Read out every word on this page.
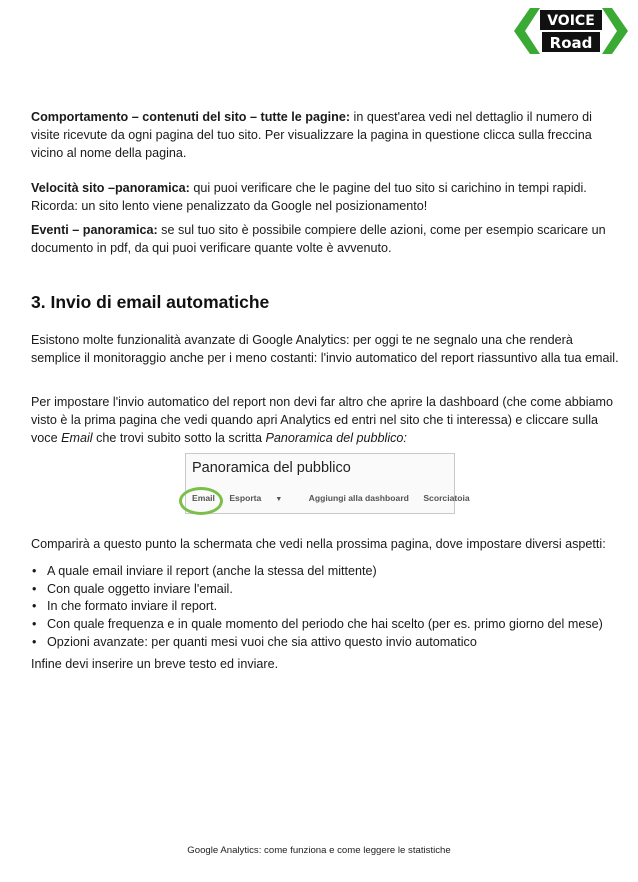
VOICE
Road

Comportamento – contenuti del sito – tutte le pagine: in quest'area vedi nel dettaglio il numero di visite ricevute da ogni pagina del tuo sito. Per visualizzare la pagina in questione clicca sulla freccina vicino al nome della pagina.

Velocità sito –panoramica: qui puoi verificare che le pagine del tuo sito si carichino in tempi rapidi. Ricorda: un sito lento viene penalizzato da Google nel posizionamento!

Eventi – panoramica: se sul tuo sito è possibile compiere delle azioni, come per esempio scaricare un documento in pdf, da qui puoi verificare quante volte è avvenuto.

3. Invio di email automatiche

Esistono molte funzionalità avanzate di Google Analytics: per oggi te ne segnalo una che renderà semplice il monitoraggio anche per i meno costanti: l'invio automatico del report riassuntivo alla tua email.

Per impostare l'invio automatico del report non devi far altro che aprire la dashboard (che come abbiamo visto è la prima pagina che vedi quando apri Analytics ed entri nel sito che ti interessa) e cliccare sulla voce Email che trovi subito sotto la scritta Panoramica del pubblico:

Panoramica del pubblico
Email Esporta ▼	Aggiungi alla dashboard Scorciatoia

Comparirà a questo punto la schermata che vedi nella prossima pagina, dove impostare diversi aspetti:

• A quale email inviare il report (anche la stessa del mittente)
• Con quale oggetto inviare l'email.
• In che formato inviare il report.
• Con quale frequenza e in quale momento del periodo che hai scelto (per es. primo giorno del mese)
• Opzioni avanzate: per quanti mesi vuoi che sia attivo questo invio automatico

Infine devi inserire un breve testo ed inviare.

Google Analytics: come funziona e come leggere le statistiche
